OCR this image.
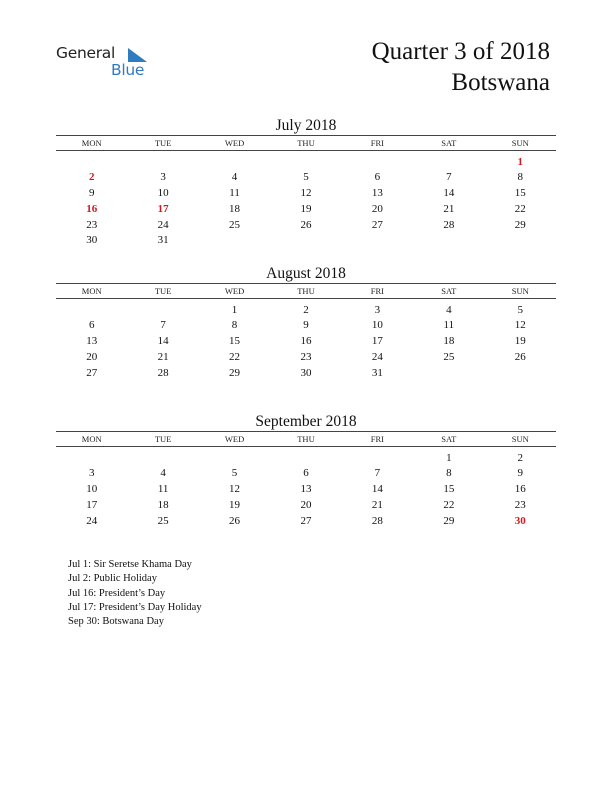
General
Blue
Quarter 3 of 2018
Botswana
July 2018
MON	TUE	WED	THU	FRI	SAT	SUN

						1
2	3	4	5	6	7	8
9	10	11	12	13	14	15
16	17	18	19	20	21	22
23	24	25	26	27	28	29
30	31					
August 2018
MON	TUE	WED	THU	FRI	SAT	SUN

		1	2	3	4	5
6	7	8	9	10	11	12
13	14	15	16	17	18	19
20	21	22	23	24	25	26
27	28	29	30	31		
September 2018
MON	TUE	WED	THU	FRI	SAT	SUN

					1	2
3	4	5	6	7	8	9
10	11	12	13	14	15	16
17	18	19	20	21	22	23
24	25	26	27	28	29	30
Jul 1: Sir Seretse Khama Day
Jul 2: Public Holiday
Jul 16: President’s Day
Jul 17: President’s Day Holiday
Sep 30: Botswana Day
